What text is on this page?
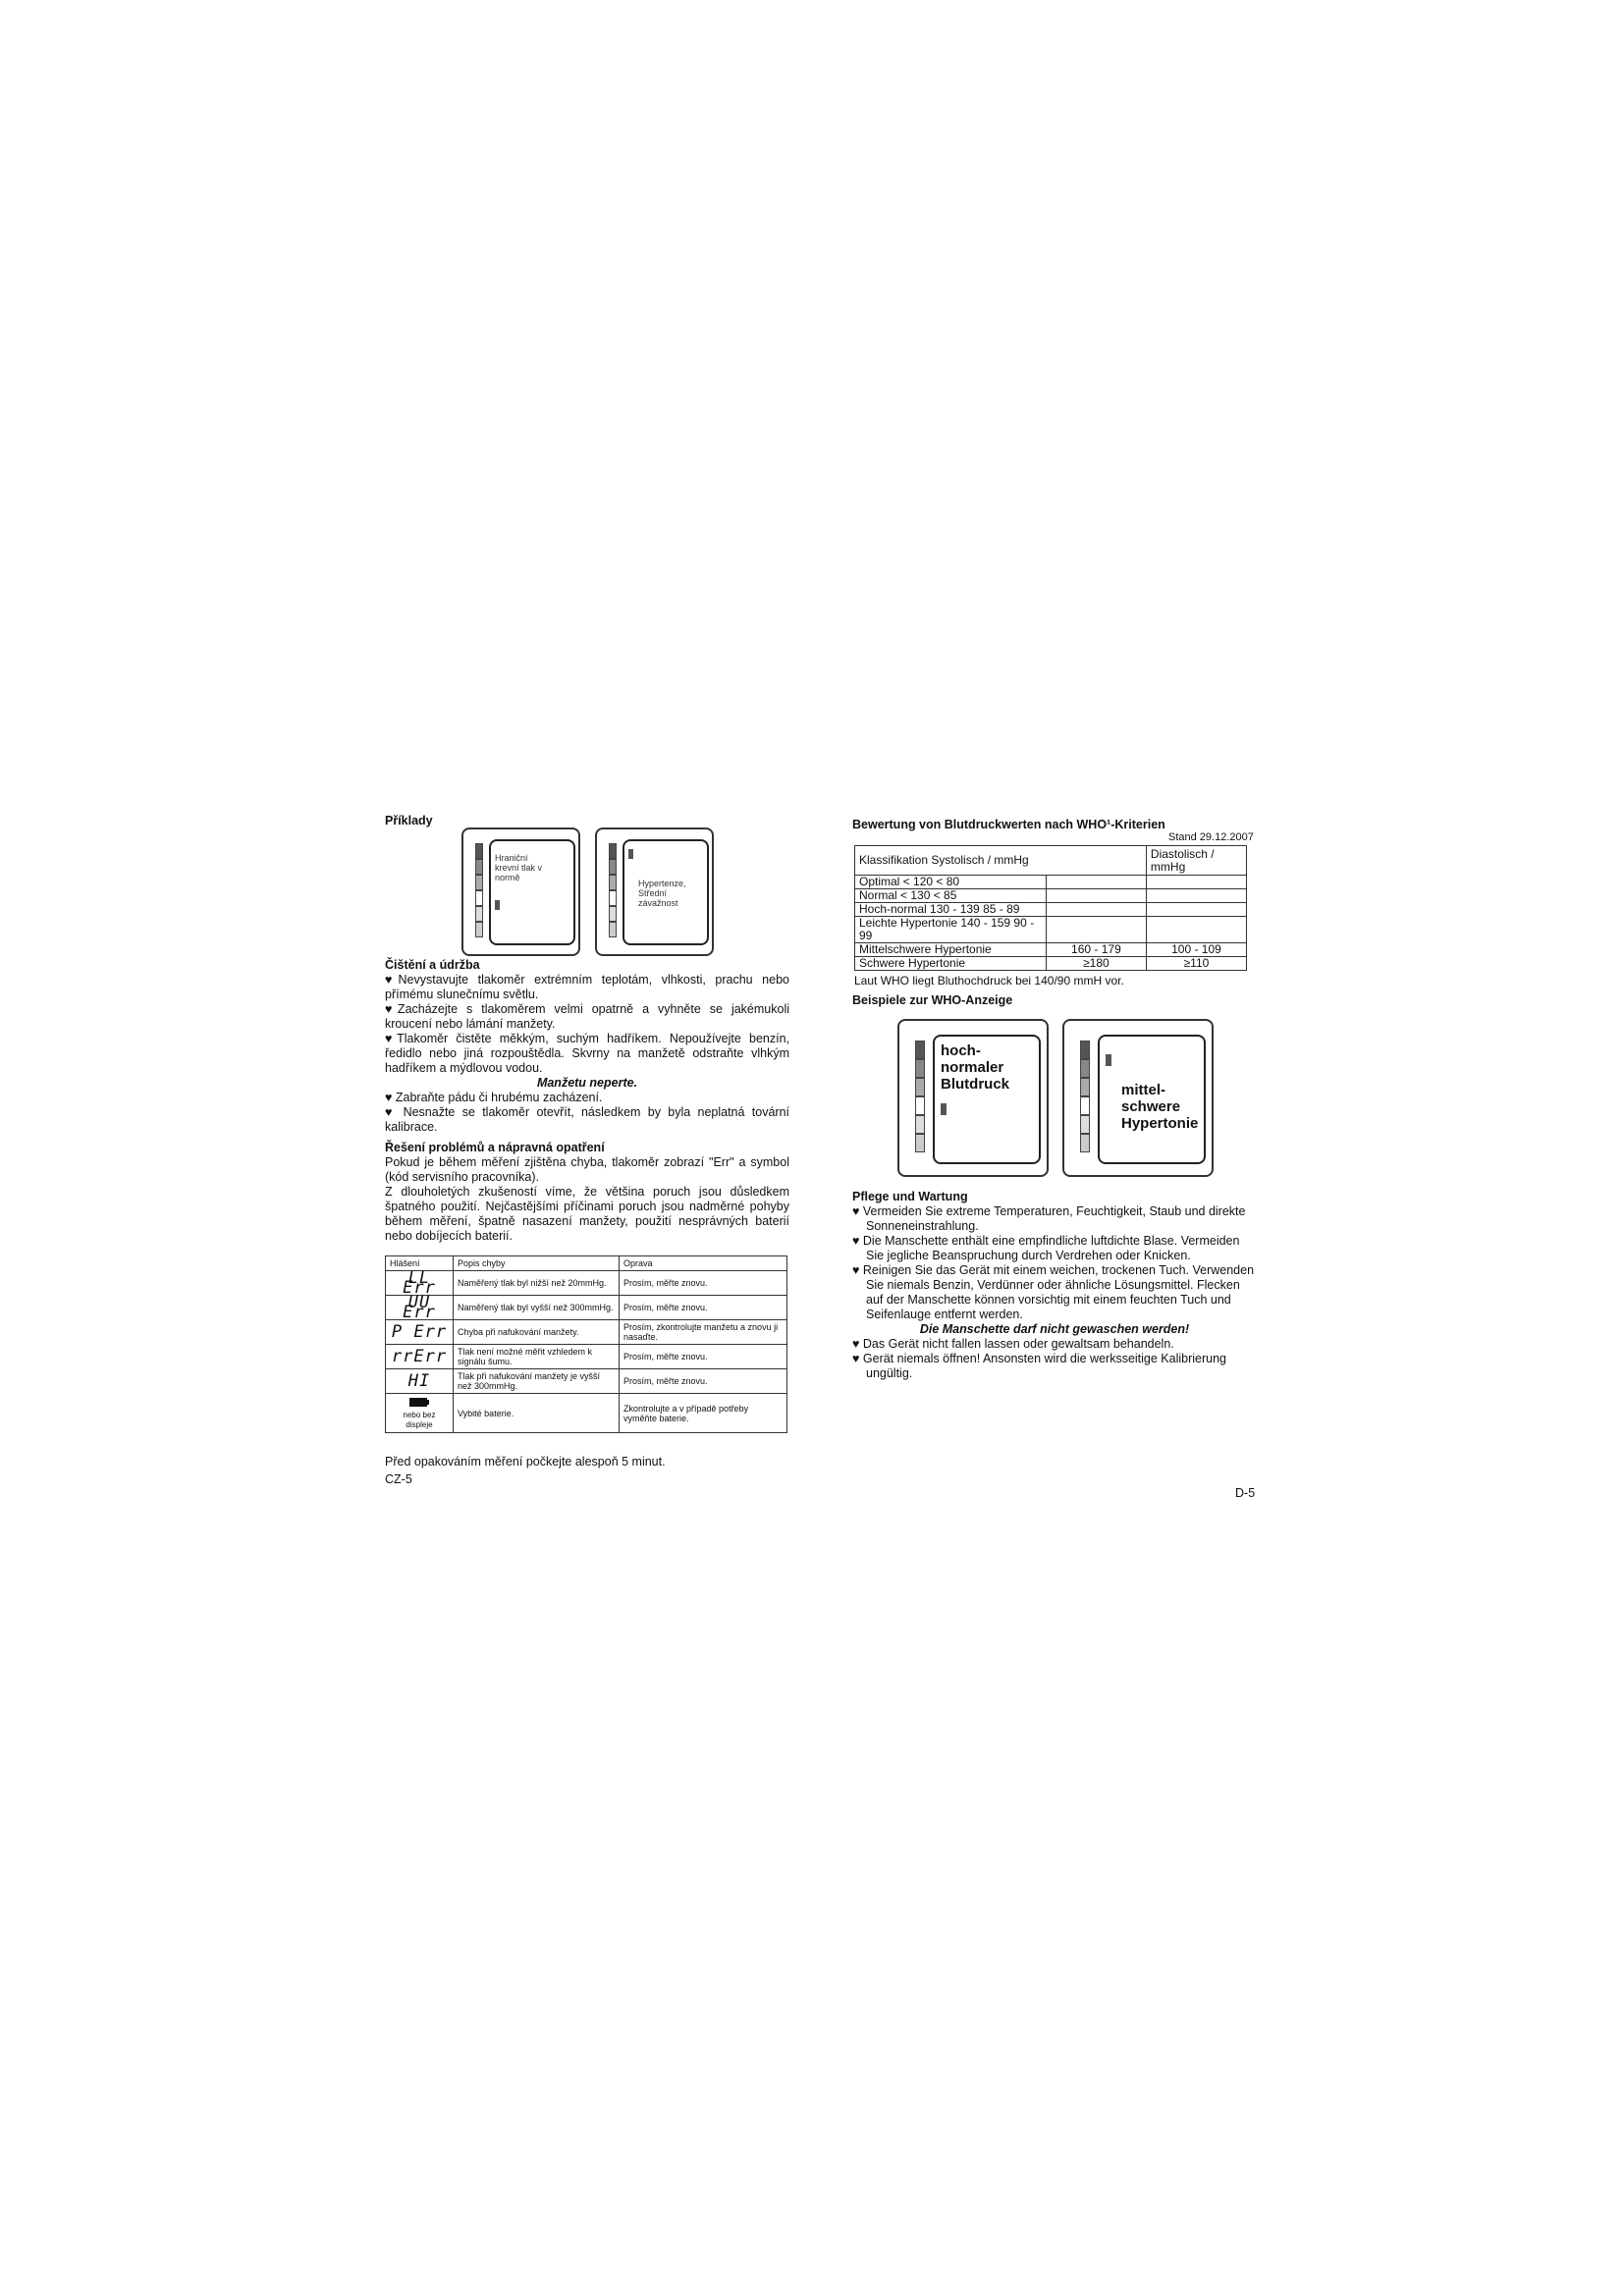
Příklady
Hraniční krevní tlak v normě
Hypertenze, Střední závažnost
Čištění a údržba

♥Nevystavujte tlakoměr extrémním teplotám, vlhkosti, prachu nebo přímému slunečnímu světlu.

♥Zacházejte s tlakoměrem velmi opatrně a vyhněte se jakémukoli kroucení nebo lámání manžety.

♥Tlakoměr čistěte měkkým, suchým hadříkem. Nepoužívejte benzín, ředidlo nebo jiná rozpouštědla. Skvrny na manžetě odstraňte vlhkým hadříkem a mýdlovou vodou.

Manžetu neperte.

♥ Zabraňte pádu či hrubému zacházení.

♥ Nesnažte se tlakoměr otevřít, následkem by byla neplatná tovární kalibrace.

Řešení problémů a nápravná opatření

Pokud je během měření zjištěna chyba, tlakoměr zobrazí "Err" a symbol (kód servisního pracovníka).

Z dlouholetých zkušeností víme, že většina poruch jsou důsledkem špatného použití. Nejčastějšími příčinami poruch jsou nadměrné pohyby během měření, špatně nasazení manžety, použití nesprávných baterií nebo dobíjecích baterií.

Hlášení	Popis chyby	Oprava
LL Err	Naměřený tlak byl nižší než 20mmHg.	Prosím, měřte znovu.
UU Err	Naměřený tlak byl vyšší než 300mmHg.	Prosím, měřte znovu.
P Err	Chyba při nafukování manžety.	Prosím, zkontrolujte manžetu a znovu ji nasaďte.
rrErr	Tlak není možné měřit vzhledem k signálu šumu.	Prosím, měřte znovu.
HI	Tlak při nafukování manžety je vyšší než 300mmHg.	Prosím, měřte znovu.

nebo bez displeje	Vybité baterie.	Zkontrolujte a v případě potřeby vyměňte baterie.

Před opakováním měření počkejte alespoň 5 minut.

CZ-5
Bewertung von Blutdruckwerten nach WHO¹-Kriterien
Stand 29.12.2007
Klassifikation Systolisch / mmHg		Diastolisch / mmHg
Optimal < 120 < 80		
Normal < 130 < 85		
Hoch-normal 130 - 139 85 - 89		
Leichte Hypertonie 140 - 159 90 - 99		
Mittelschwere Hypertonie	160 - 179	100 - 109
Schwere Hypertonie	≥180	≥110

Laut WHO liegt Bluthochdruck bei 140/90 mmH vor.

Beispiele zur WHO-Anzeige
hoch-normaler Blutdruck	mittel-schwere Hypertonie
Pflege und Wartung
♥ Vermeiden Sie extreme Temperaturen, Feuchtigkeit, Staub und direkte Sonneneinstrahlung.
♥ Die Manschette enthält eine empfindliche luftdichte Blase. Vermeiden Sie jegliche Beanspruchung durch Verdrehen oder Knicken.
♥ Reinigen Sie das Gerät mit einem weichen, trockenen Tuch. Verwenden Sie niemals Benzin, Verdünner oder ähnliche Lösungsmittel. Flecken auf der Manschette können vorsichtig mit einem feuchten Tuch und Seifenlauge entfernt werden.

Die Manschette darf nicht gewaschen werden!

♥ Das Gerät nicht fallen lassen oder gewaltsam behandeln.
♥ Gerät niemals öffnen! Ansonsten wird die werksseitige Kalibrierung ungültig.
D-5
